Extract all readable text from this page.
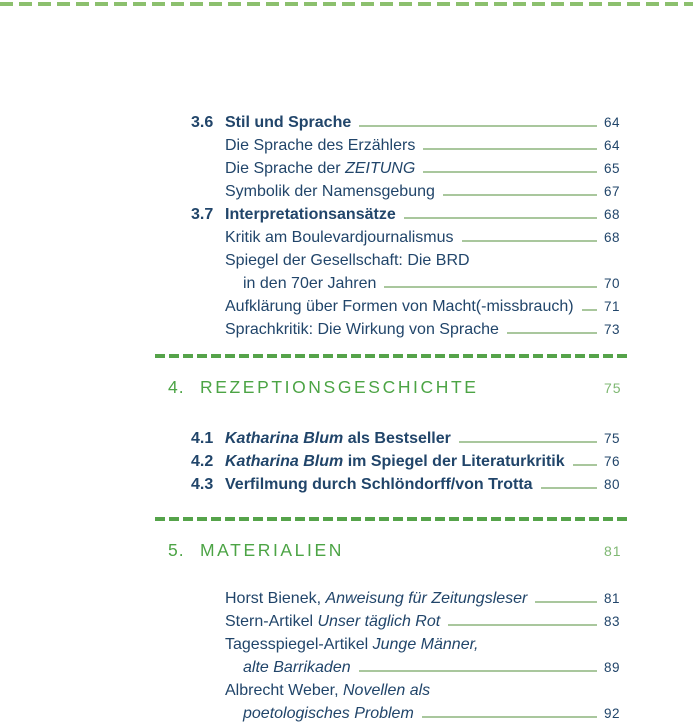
3.6 Stil und Sprache	64
Die Sprache des Erzählers	64
Die Sprache der ZEITUNG	65
Symbolik der Namensgebung	67
3.7 Interpretationsansätze	68
Kritik am Boulevardjournalismus	68
Spiegel der Gesellschaft: Die BRD
in den 70er Jahren	70
Aufklärung über Formen von Macht(-missbrauch) 71
Sprachkritik: Die Wirkung von Sprache	73
4. REZEPTIONSGESCHICHTE	75
4.1 Katharina Blum als Bestseller	75
4.2 Katharina Blum im Spiegel der Literaturkritik	76
4.3 Verfilmung durch Schlöndorff/von Trotta	80
5. MATERIALIEN	81
Horst Bienek, Anweisung für Zeitungsleser	81
Stern-Artikel Unser täglich Rot	83
Tagesspiegel-Artikel Junge Männer,
alte Barrikaden	89
Albrecht Weber, Novellen als
poetologisches Problem	92
